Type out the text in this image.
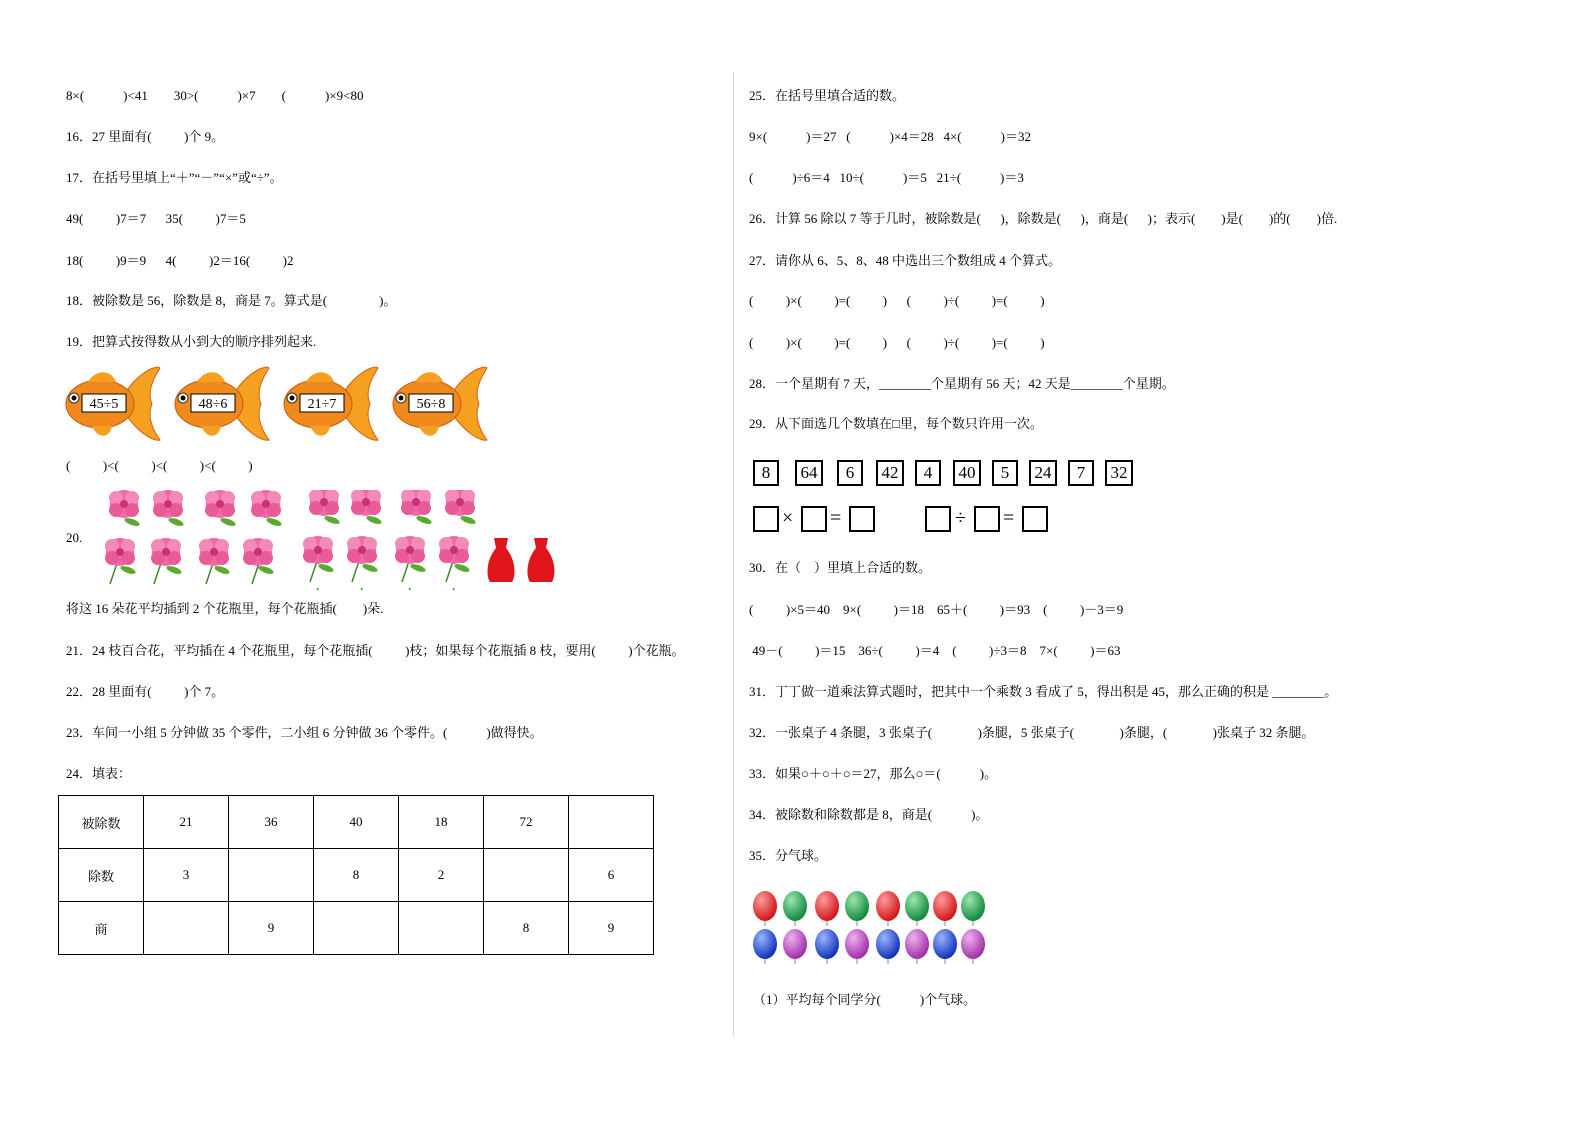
8×(            )<41        30>(            )×7        (            )×9<80
16．27 里面有(          )个 9。
17．在括号里填上“＋”“－”“×”或“÷”。
49(          )7＝7      35(          )7＝5
18(          )9＝9      4(          )2＝16(          )2
18．被除数是 56，除数是 8，商是 7。算式是(                )。
19．把算式按得数从小到大的顺序排列起来.
45÷5	48÷6	21÷7	56÷8
(          )<(          )<(          )<(          )
20.
将这 16 朵花平均插到 2 个花瓶里，每个花瓶插(        )朵.
21．24 枝百合花，平均插在 4 个花瓶里，每个花瓶插(          )枝；如果每个花瓶插 8 枝，要用(          )个花瓶。
22．28 里面有(          )个 7。
23．车间一小组 5 分钟做 35 个零件，二小组 6 分钟做 36 个零件。(            )做得快。
24．填表：
被除数	21	36	40	18	72	
除数	3		8	2		6
商		9			8	9
25．在括号里填合适的数。
9×(            )＝27   (            )×4＝28   4×(            )＝32
(            )÷6＝4   10÷(            )＝5   21÷(            )＝3
26．计算 56 除以 7 等于几时，被除数是(      )，除数是(      )，商是(      )；表示(        )是(        )的(        )倍.
27．请你从 6、5、8、48 中选出三个数组成 4 个算式。
(          )×(          )=(          )      (          )÷(          )=(          )
(          )×(          )=(          )      (          )÷(          )=(          )
28．一个星期有 7 天，________个星期有 56 天；42 天是________个星期。
29．从下面选几个数填在□里，每个数只许用一次。
8	64	6	42	4	40	5	24	7	32
× =	÷ =
30．在（    ）里填上合适的数。
(          )×5＝40    9×(          )＝18    65＋(          )＝93    (          )－3＝9
49－(          )＝15    36÷(          )＝4    (          )÷3＝8    7×(          )＝63
31．丁丁做一道乘法算式题时，把其中一个乘数 3 看成了 5，得出积是 45，那么正确的积是 ________。
32．一张桌子 4 条腿，3 张桌子(              )条腿，5 张桌子(              )条腿，(              )张桌子 32 条腿。
33．如果○＋○＋○＝27，那么○＝(            )。
34．被除数和除数都是 8，商是(            )。
35．分气球。
（1）平均每个同学分(            )个气球。
